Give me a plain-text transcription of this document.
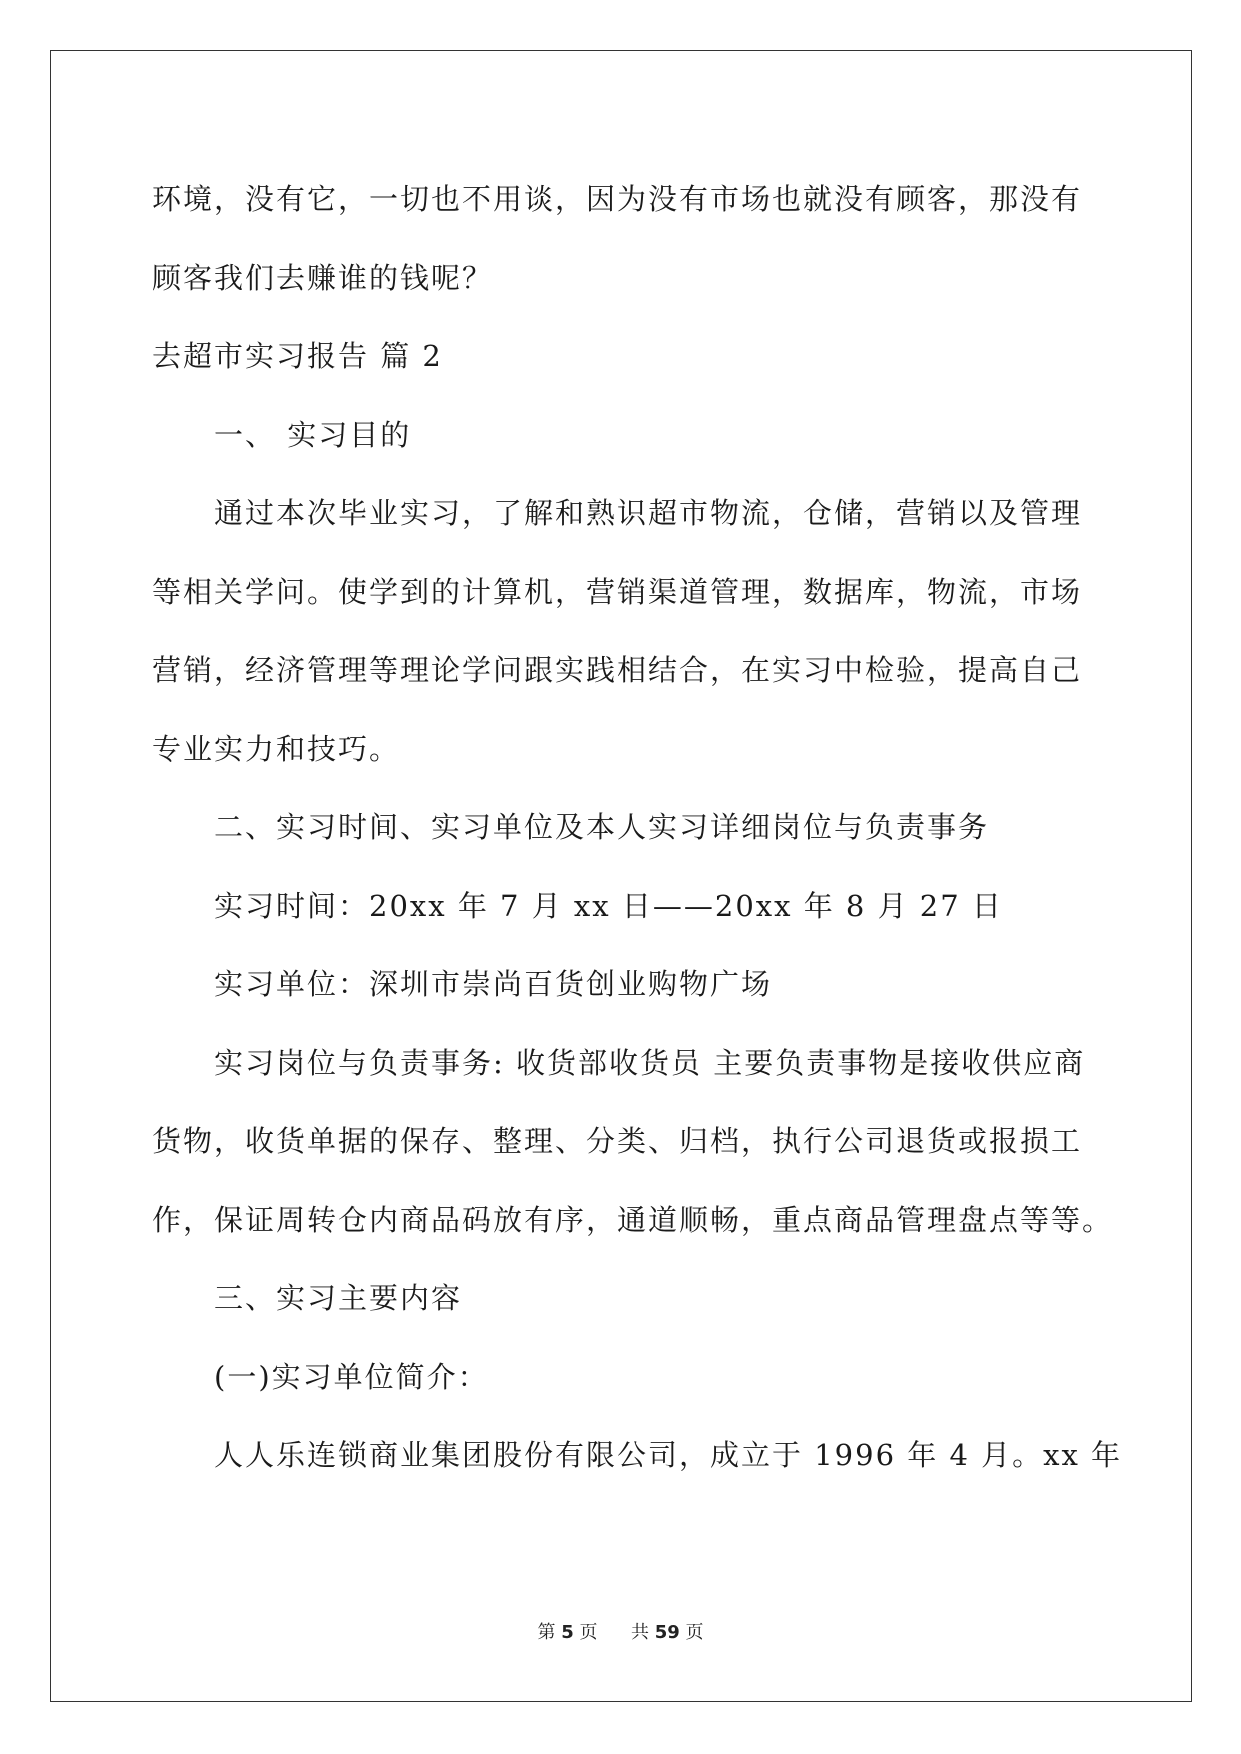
环境，没有它，一切也不用谈，因为没有市场也就没有顾客，那没有
顾客我们去赚谁的钱呢？
去超市实习报告 篇 2
一、 实习目的
通过本次毕业实习，了解和熟识超市物流，仓储，营销以及管理
等相关学问。使学到的计算机，营销渠道管理，数据库，物流，市场
营销，经济管理等理论学问跟实践相结合，在实习中检验，提高自己
专业实力和技巧。
二、实习时间、实习单位及本人实习详细岗位与负责事务
实习时间：20xx 年 7 月 xx 日——20xx 年 8 月 27 日
实习单位：深圳市崇尚百货创业购物广场
实习岗位与负责事务: 收货部收货员 主要负责事物是接收供应商
货物，收货单据的保存、整理、分类、归档，执行公司退货或报损工
作，保证周转仓内商品码放有序，通道顺畅，重点商品管理盘点等等。
三、实习主要内容
(一)实习单位简介：
人人乐连锁商业集团股份有限公司，成立于 1996 年 4 月。xx 年
第 5 页 共 59 页
